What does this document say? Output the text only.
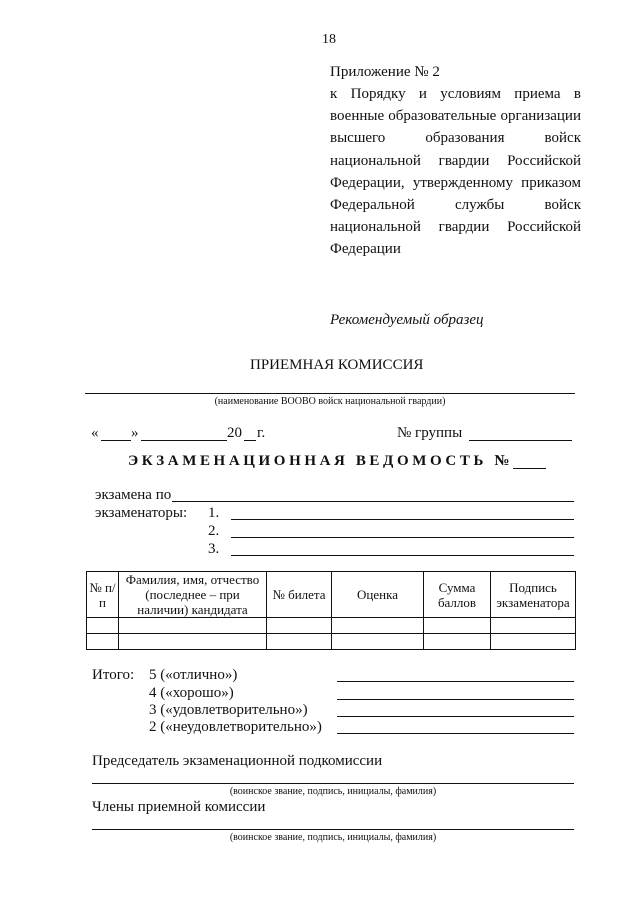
18
Приложение № 2
к Порядку и условиям приема в
военные образовательные организации
высшего образования войск
национальной гвардии Российской
Федерации, утвержденному приказом
Федеральной службы войск
национальной гвардии Российской
Федерации
Рекомендуемый образец
ПРИЕМНАЯ КОМИССИЯ
(наименование ВООВО войск национальной гвардии)
« »	20 г.	№ группы
ЭКЗАМЕНАЦИОННАЯ ВЕДОМОСТЬ №
экзамена по
экзаменаторы: 1.
2.
3.
№ п/п	Фамилия, имя, отчество (последнее – при наличии) кандидата	№ билета	Оценка	Сумма баллов	Подпись экзаменатора

Итого: 5 («отлично»)
4 («хорошо»)
3 («удовлетворительно»)
2 («неудовлетворительно»)
Председатель экзаменационной подкомиссии
(воинское звание, подпись, инициалы, фамилия)
Члены приемной комиссии
(воинское звание, подпись, инициалы, фамилия)
